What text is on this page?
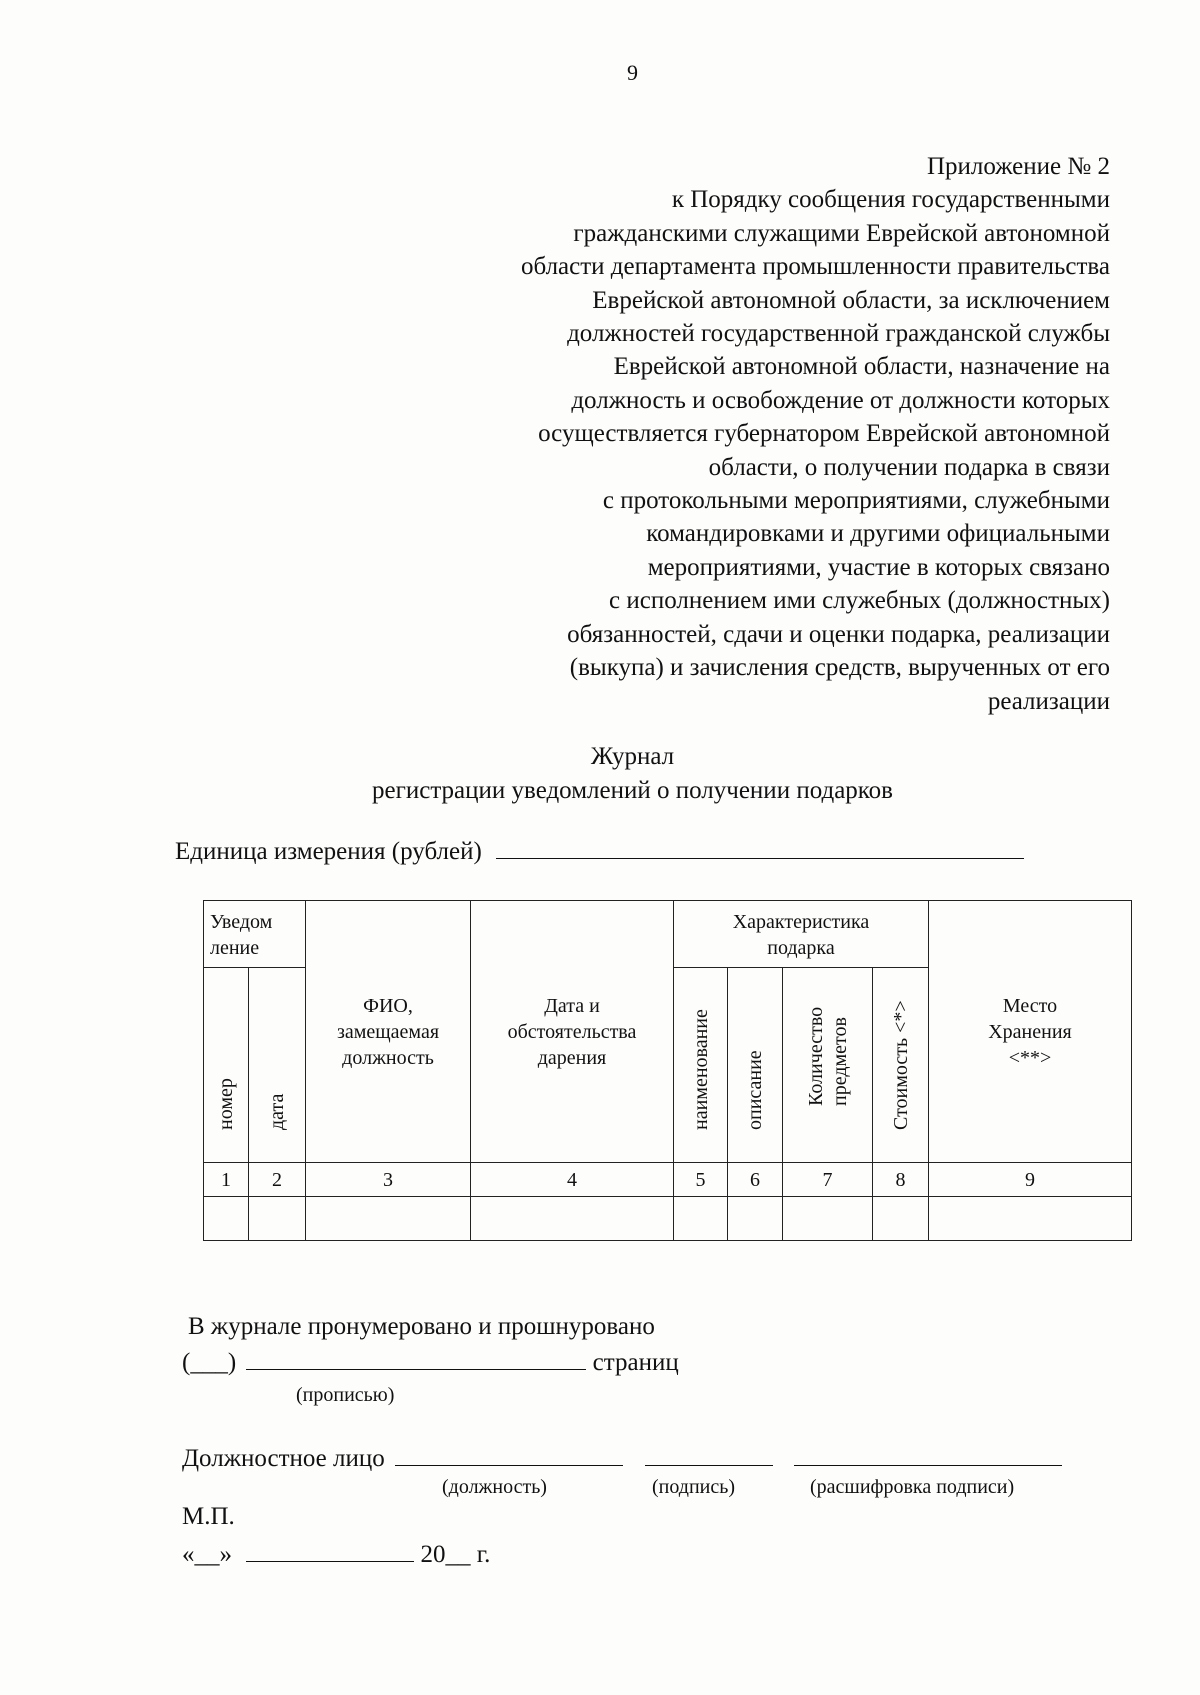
9
Приложение № 2
к Порядку сообщения государственными
гражданскими служащими Еврейской автономной
области департамента промышленности правительства
Еврейской автономной области, за исключением
должностей государственной гражданской службы
Еврейской автономной области, назначение на
должность и освобождение от должности которых
осуществляется губернатором Еврейской автономной
области, о получении подарка в связи
с протокольными мероприятиями, служебными
командировками и другими официальными
мероприятиями, участие в которых связано
с исполнением ими служебных (должностных)
обязанностей, сдачи и оценки подарка, реализации
(выкупа) и зачисления средств, вырученных от его
реализации
Журнал
регистрации уведомлений о получении подарков
Единица измерения (рублей)
Уведом ление		ФИО, замещаемая должность	Дата и обстоятельства дарения	Характеристика подарка				Место Хранения <**>

номер	дата			наименование	описание	Количество предметов	Стоимость <*>	

1	2	3	4	5	6	7	8	9

В журнале пронумеровано и прошнуровано
(___)	страниц
(прописью)
Должностное лицо
(должность)	(подпись)	(расшифровка подписи)
М.П.
«__»	20__ г.
